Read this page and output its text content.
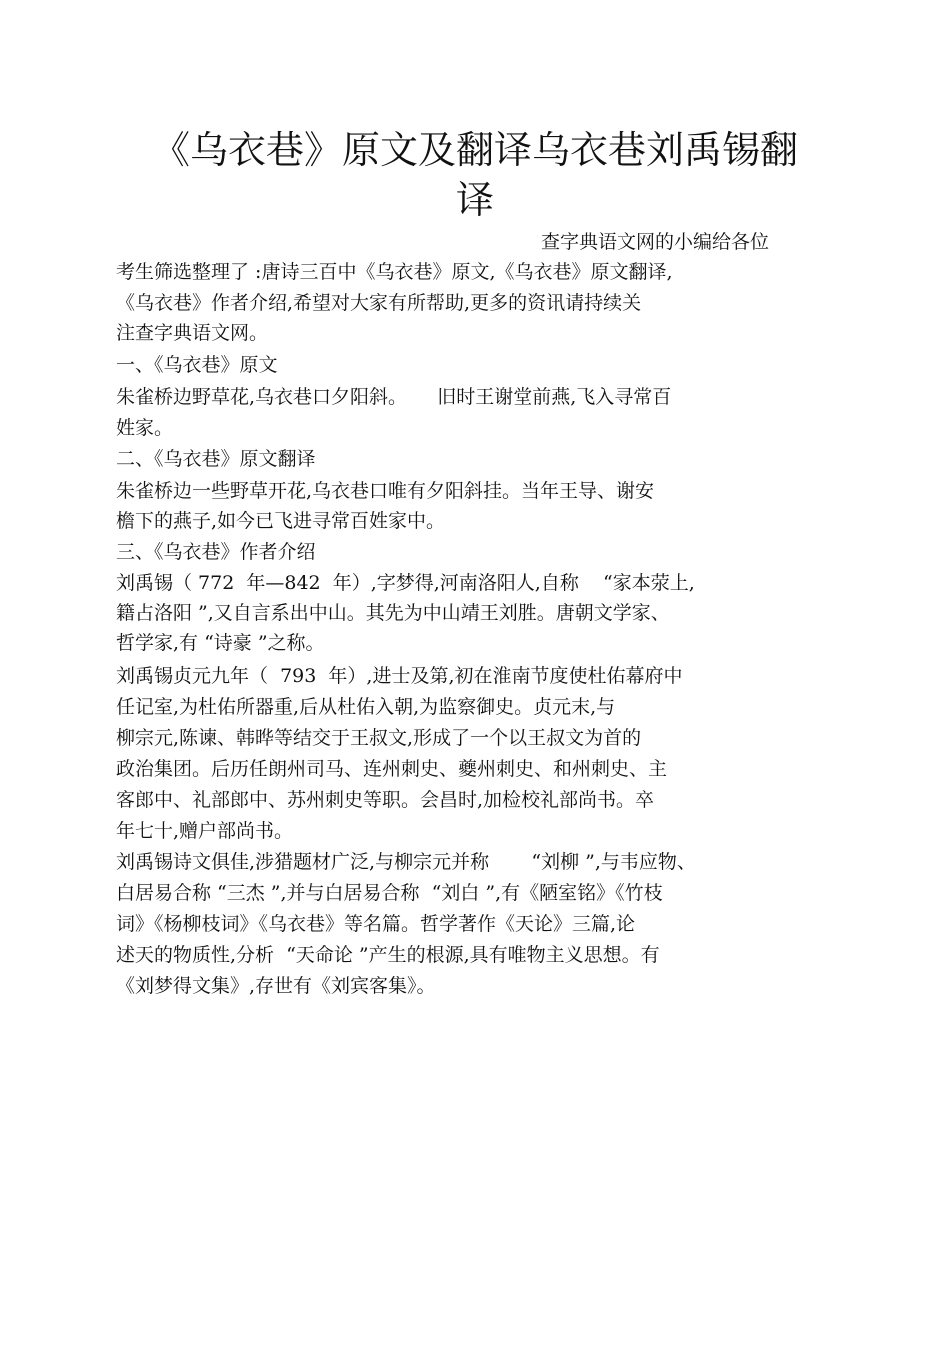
《乌衣巷》原文及翻译乌衣巷刘禹锡翻
译
查字典语文网的小编给各位
考生筛选整理了 :唐诗三百中《乌衣巷》原文,《乌衣巷》原文翻译,
《乌衣巷》作者介绍,希望对大家有所帮助,更多的资讯请持续关
注查字典语文网。
一、《乌衣巷》原文
朱雀桥边野草花,乌衣巷口夕阳斜。     旧时王谢堂前燕,飞入寻常百
姓家。
二、《乌衣巷》原文翻译
朱雀桥边一些野草开花,乌衣巷口唯有夕阳斜挂。当年王导、谢安
檐下的燕子,如今已飞进寻常百姓家中。
三、《乌衣巷》作者介绍
刘禹锡（ 772  年—842  年）,字梦得,河南洛阳人,自称    “家本荥上,
籍占洛阳 ”,又自言系出中山。其先为中山靖王刘胜。唐朝文学家、
哲学家,有 “诗豪 ”之称。
刘禹锡贞元九年（  793  年）,进士及第,初在淮南节度使杜佑幕府中
任记室,为杜佑所器重,后从杜佑入朝,为监察御史。贞元末,与
柳宗元,陈谏、韩晔等结交于王叔文,形成了一个以王叔文为首的
政治集团。后历任朗州司马、连州刺史、夔州刺史、和州刺史、主
客郎中、礼部郎中、苏州刺史等职。会昌时,加检校礼部尚书。卒
年七十,赠户部尚书。
刘禹锡诗文俱佳,涉猎题材广泛,与柳宗元并称       “刘柳 ”,与韦应物、
白居易合称 “三杰 ”,并与白居易合称  “刘白 ”,有《陋室铭》《竹枝
词》《杨柳枝词》《乌衣巷》等名篇。哲学著作《天论》三篇,论
述天的物质性,分析  “天命论 ”产生的根源,具有唯物主义思想。有
《刘梦得文集》,存世有《刘宾客集》。
